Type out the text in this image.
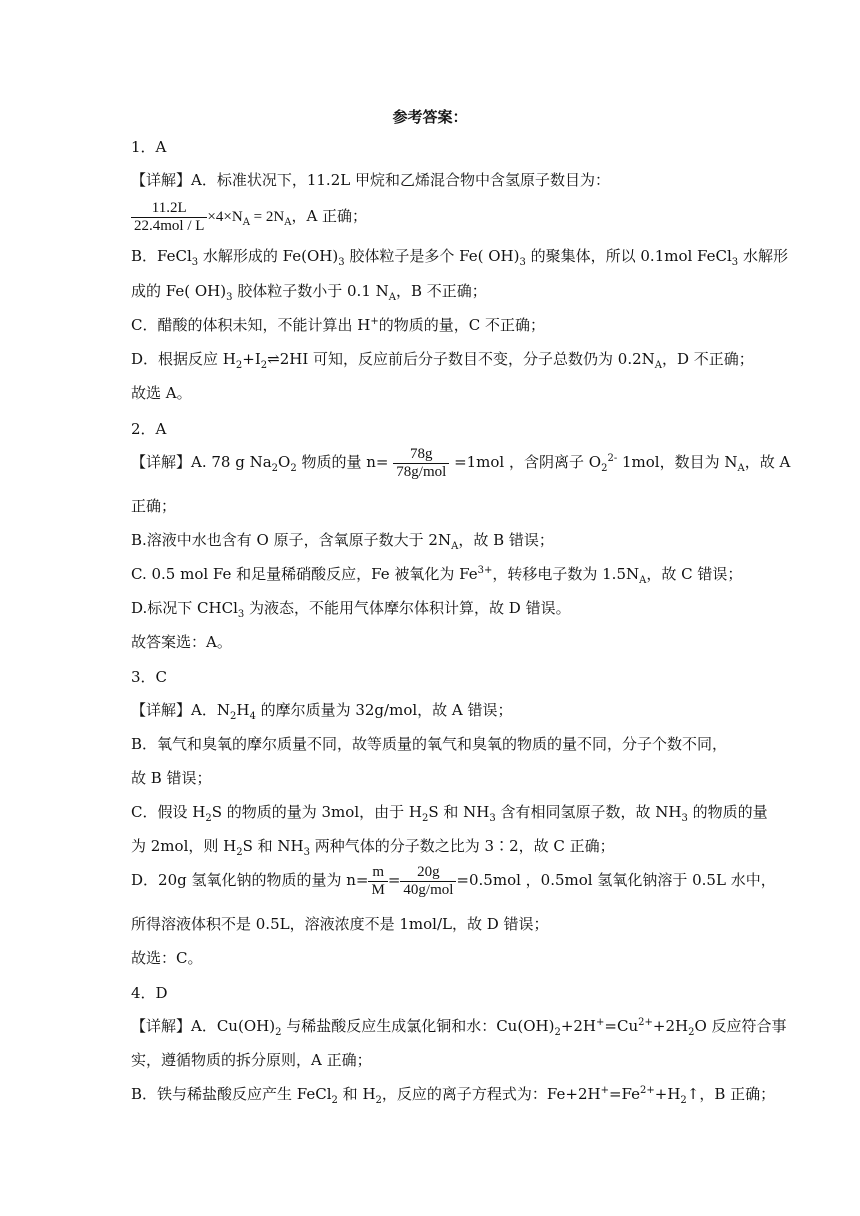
参考答案：
1．A
【详解】A．标准状况下，11.2L 甲烷和乙烯混合物中含氢原子数目为：
$\frac{11.2L}{\text{22.4mol / L}} \times 4\times N_A = 2N_A$，A 正确；
B．FeCl$_3$ 水解形成的 $Fe(OH)_3$ 胶体粒子是多个 Fe( $OH)_3$ 的聚集体，所以 0.1mol FeCl$_3$ 水解形
成的 Fe( $OH)_3$ 胶体粒子数小于 0.1 $N_A$，B 不正确；
C．醋酸的体积未知，不能计算出 H+的物质的量，C 不正确；
D．根据反应 $H_2+I_2\rightleftharpoons 2HI$ 可知，反应前后分子数目不变，分子总数仍为 $0.2N_A$，D 不正确；
故选 A。
2．A
【详解】A. 78 g $Na_2O_2$ 物质的量 $n= \frac{78g}{\text{78g/mol}} =1mol$ ，含阴离子 $O_2^{2-}$ 1mol，数目为 $N_A$，故 A
正确；
B.溶液中水也含有 O 原子，含氧原子数大于 $2N_A$，故 B 错误；
C. 0.5 mol Fe 和足量稀硝酸反应，Fe 被氧化为 $Fe^{3+}$，转移电子数为 $1.5N_A$，故 C 错误；
D.标况下 CHCl$_3$ 为液态，不能用气体摩尔体积计算，故 D 错误。
故答案选：A。
3．C
【详解】A．$N_2H_4$ 的摩尔质量为 32g/mol，故 A 错误；
B．氧气和臭氧的摩尔质量不同，故等质量的氧气和臭氧的物质的量不同，分子个数不同，
故 B 错误；
C．假设 $H_2S$ 的物质的量为 3mol，由于 $H_2S$ 和 $NH_3$ 含有相同氢原子数，故 $NH_3$ 的物质的量
为 2mol，则 $H_2S$ 和 $NH_3$ 两种气体的分子数之比为 3∶2，故 C 正确；
D．20g 氢氧化钠的物质的量为 $n= \frac{m}{M} = \frac{20g}{\text{40g/mol}} =0.5mol$ ，0.5mol 氢氧化钠溶于 0.5L 水中，
所得溶液体积不是 0.5L，溶液浓度不是 1mol/L，故 D 错误；
故选：C。
4．D
【详解】A．$Cu(OH)_2$ 与稀盐酸反应生成氯化铜和水：$Cu(OH)_2+2H^+=Cu^{2+}+2H_2O$ 反应符合事
实，遵循物质的拆分原则，A 正确；
B．铁与稀盐酸反应产生 FeCl$_2$ 和 $H_2$，反应的离子方程式为：$Fe+2H^+=Fe^{2+}+H_2↑$，B 正确；
